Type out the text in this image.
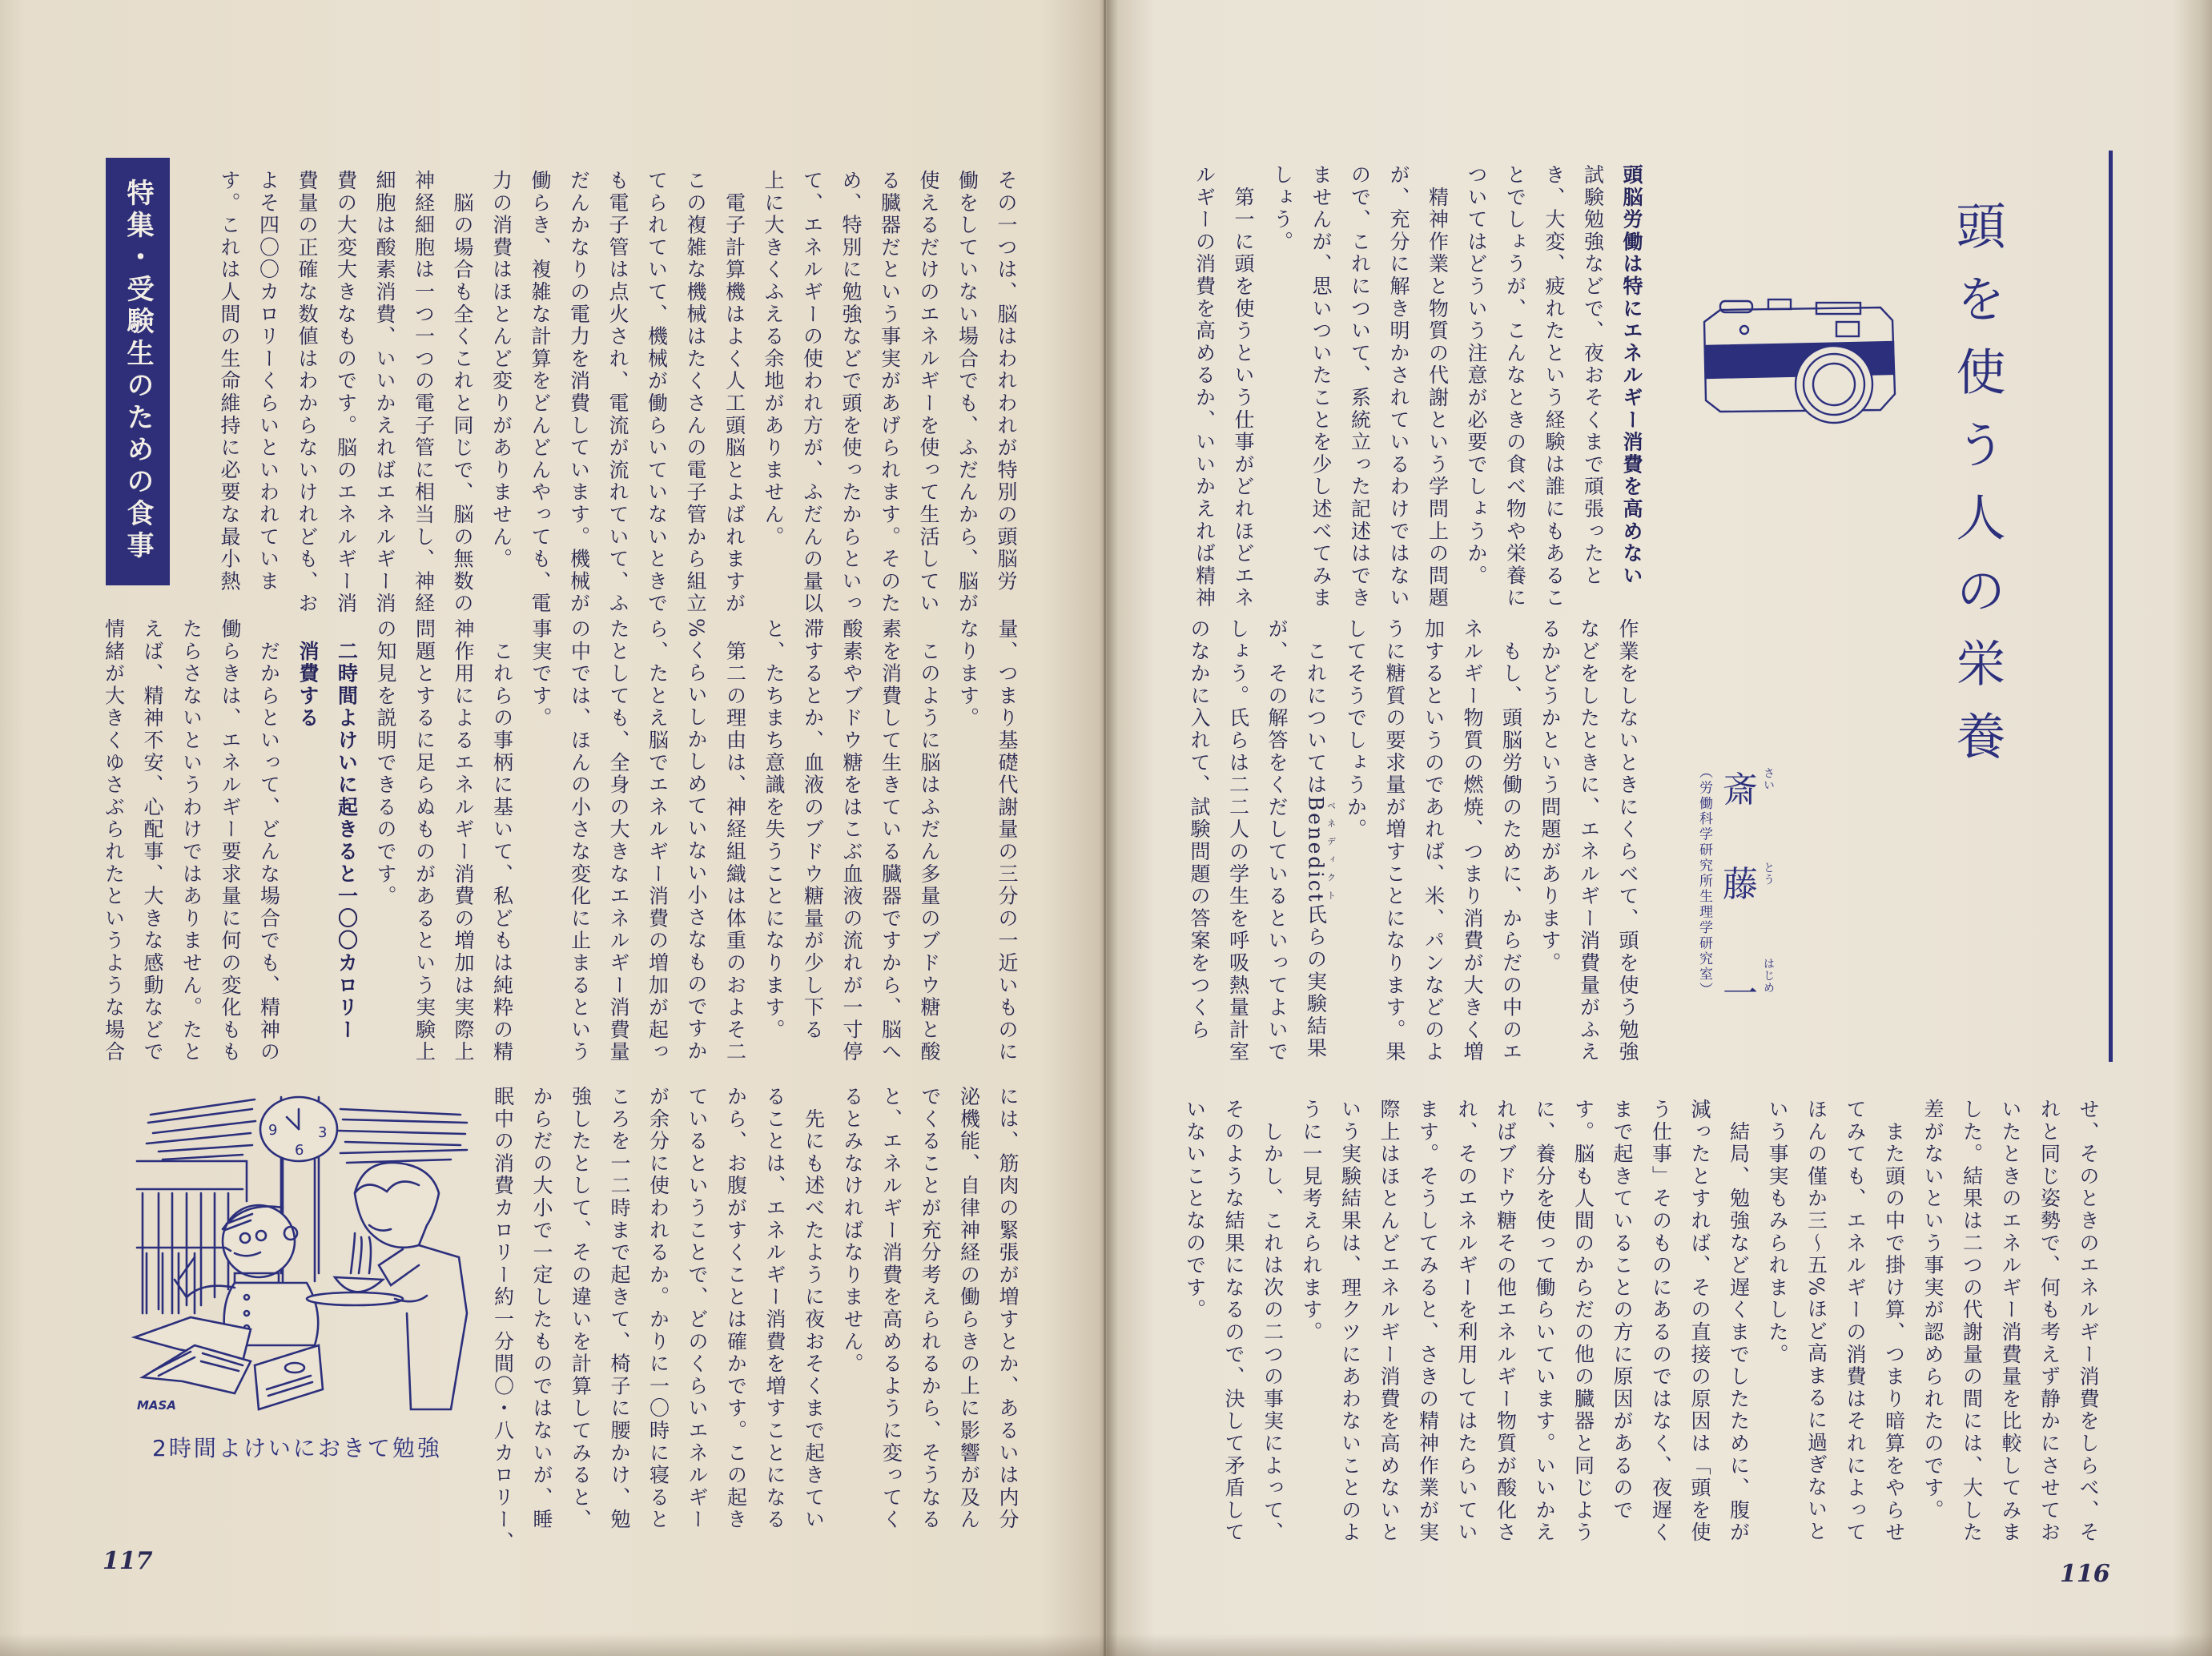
特集・受験生のための食事	その一つは、脳はわれわれが特別の頭脳労
働をしていない場合でも、ふだんから、脳が
使えるだけのエネルギーを使って生活してい
る臓器だという事実があげられます。そのた
め、特別に勉強などで頭を使ったからといっ
て、エネルギーの使われ方が、ふだんの量以
上に大きくふえる余地がありません。
　電子計算機はよく人工頭脳とよばれますが
この複雑な機械はたくさんの電子管から組立
てられていて、機械が働らいていないときで
も電子管は点火され、電流が流れていて、ふ
だんかなりの電力を消費しています。機械が
働らき、複雑な計算をどんどんやっても、電
力の消費はほとんど変りがありません。
　脳の場合も全くこれと同じで、脳の無数の
神経細胞は一つ一つの電子管に相当し、神経
細胞は酸素消費、いいかえればエネルギー消
費の大変大きなものです。脳のエネルギー消
費量の正確な数値はわからないけれども、お
よそ四〇〇カロリーくらいといわれていま
す。これは人間の生命維持に必要な最小熱
量、つまり基礎代謝量の三分の一近いものに
なります。
　このように脳はふだん多量のブドウ糖と酸
素を消費して生きている臓器ですから、脳へ
酸素やブドウ糖をはこぶ血液の流れが一寸停
滞するとか、血液のブドウ糖量が少し下る
と、たちまち意識を失うことになります。
　第二の理由は、神経組織は体重のおよそ二
%くらいしかしめていない小さなものですか
ら、たとえ脳でエネルギー消費の増加が起っ
たとしても、全身の大きなエネルギー消費量
の中では、ほんの小さな変化に止まるという
事実です。
　これらの事柄に基いて、私どもは純粋の精
神作用によるエネルギー消費の増加は実際上
問題とするに足らぬものがあるという実験上
の知見を説明できるのです。
　二時間よけいに起きると一〇〇カロリー
　消費する
　だからといって、どんな場合でも、精神の
働らきは、エネルギー要求量に何の変化もも
たらさないというわけではありません。たと
えば、精神不安、心配事、大きな感動などで
情緒が大きくゆさぶられたというような場合
には、筋肉の緊張が増すとか、あるいは内分
泌機能、自律神経の働らきの上に影響が及ん
でくることが充分考えられるから、そうなる
と、エネルギー消費を高めるように変ってく
るとみなければなりません。
　先にも述べたように夜おそくまで起きてい
ることは、エネルギー消費を増すことになる
から、お腹がすくことは確かです。この起き
ているということで、どのくらいエネルギー
が余分に使われるか。かりに一〇時に寝ると
ころを一二時まで起きて、椅子に腰かけ、勉
強したとして、その違いを計算してみると、
からだの大小で一定したものではないが、睡
眠中の消費カロリー約一分間〇・八カロリー、
9	3
6
MASA
2時間よけいにおきて勉強
117
頭を使う人の栄養
斎 さい
藤 とう
一 はじめ
（労働科学研究所生理学研究室）
頭脳労働は特にエネルギー消費を高めない
試験勉強などで、夜おそくまで頑張ったと
き、大変、疲れたという経験は誰にもあるこ
とでしょうが、こんなときの食べ物や栄養に
ついてはどういう注意が必要でしょうか。
　精神作業と物質の代謝という学問上の問題
が、充分に解き明かされているわけではない
ので、これについて、系統立った記述はでき
ませんが、思いついたことを少し述べてみま
しょう。
　第一に頭を使うという仕事がどれほどエネ
ルギーの消費を高めるか、いいかえれば精神
作業をしないときにくらべて、頭を使う勉強
などをしたときに、エネルギー消費量がふえ
るかどうかという問題があります。
　もし、頭脳労働のために、からだの中のエ
ネルギー物質の燃焼、つまり消費が大きく増
加するというのであれば、米、パンなどのよ
うに糖質の要求量が増すことになります。果
してそうでしょうか。
　これについてはBenedictベネディクト氏らの実験結果
が、その解答をくだしているといってよいで
しょう。氏らは二二人の学生を呼吸熱量計室
のなかに入れて、試験問題の答案をつくら
せ、そのときのエネルギー消費をしらべ、そ
れと同じ姿勢で、何も考えず静かにさせてお
いたときのエネルギー消費量を比較してみま
した。結果は二つの代謝量の間には、大した
差がないという事実が認められたのです。
　また頭の中で掛け算、つまり暗算をやらせ
てみても、エネルギーの消費はそれによって
ほんの僅か三〜五%ほど高まるに過ぎないと
いう事実もみられました。
　結局、勉強など遅くまでしたために、腹が
減ったとすれば、その直接の原因は「頭を使
う仕事」そのものにあるのではなく、夜遅く
まで起きていることの方に原因があるので
す。脳も人間のからだの他の臓器と同じよう
に、養分を使って働らいています。いいかえ
ればブドウ糖その他エネルギー物質が酸化さ
れ、そのエネルギーを利用してはたらいてい
ます。そうしてみると、さきの精神作業が実
際上はほとんどエネルギー消費を高めないと
いう実験結果は、理クツにあわないことのよ
うに一見考えられます。
　しかし、これは次の二つの事実によって、
そのような結果になるので、決して矛盾して
いないことなのです。
116
